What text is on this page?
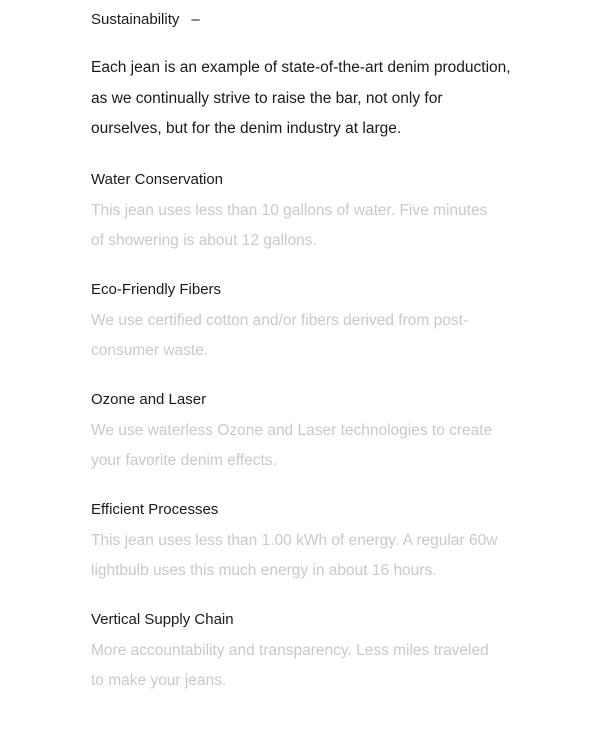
Sustainability –
Each jean is an example of state-of-the-art denim production, as we continually strive to raise the bar, not only for ourselves, but for the denim industry at large.
Water Conservation
This jean uses less than 10 gallons of water. Five minutes of showering is about 12 gallons.
Eco-Friendly Fibers
We use certified cotton and/or fibers derived from post-consumer waste.
Ozone and Laser
We use waterless Ozone and Laser technologies to create your favorite denim effects.
Efficient Processes
This jean uses less than 1.00 kWh of energy. A regular 60w lightbulb uses this much energy in about 16 hours.
Vertical Supply Chain
More accountability and transparency. Less miles traveled to make your jeans.
